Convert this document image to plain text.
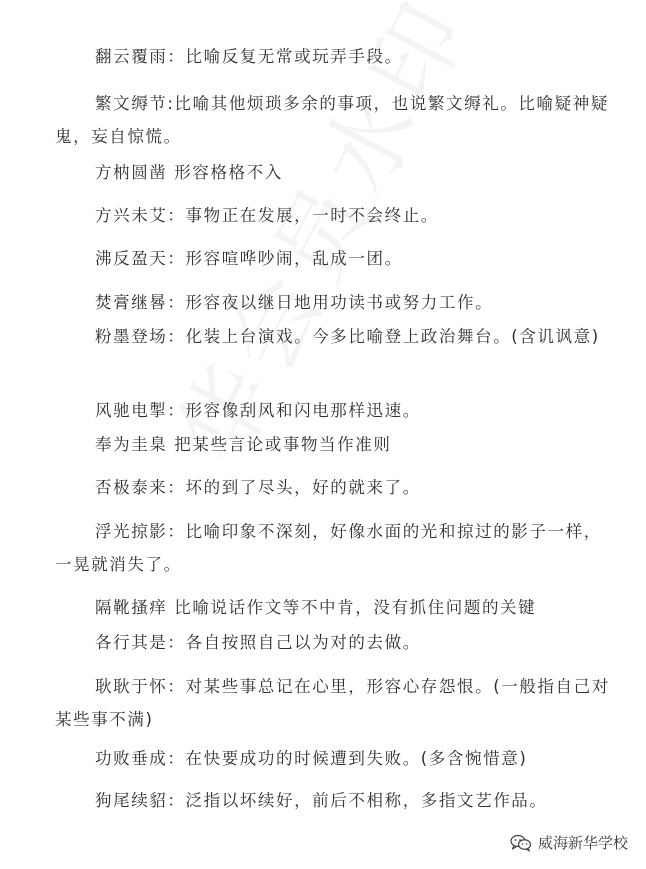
翻云覆雨：比喻反复无常或玩弄手段。

繁文缛节:比喻其他烦琐多余的事项，也说繁文缛礼。比喻疑神疑鬼，妄自惊慌。

方枘圆凿 形容格格不入

方兴未艾：事物正在发展，一时不会终止。

沸反盈天：形容喧哗吵闹，乱成一团。

焚膏继晷：形容夜以继日地用功读书或努力工作。

粉墨登场：化装上台演戏。今多比喻登上政治舞台。(含讥讽意)

风驰电掣：形容像刮风和闪电那样迅速。

奉为圭臬 把某些言论或事物当作准则

否极泰来：坏的到了尽头，好的就来了。

浮光掠影：比喻印象不深刻，好像水面的光和掠过的影子一样，一晃就消失了。

隔靴搔痒 比喻说话作文等不中肯，没有抓住问题的关键

各行其是：各自按照自己以为对的去做。

耿耿于怀：对某些事总记在心里，形容心存怨恨。(一般指自己对某些事不满)

功败垂成：在快要成功的时候遭到失败。(多含惋惜意)

狗尾续貂：泛指以坏续好，前后不相称，多指文艺作品。

威海新华学校
